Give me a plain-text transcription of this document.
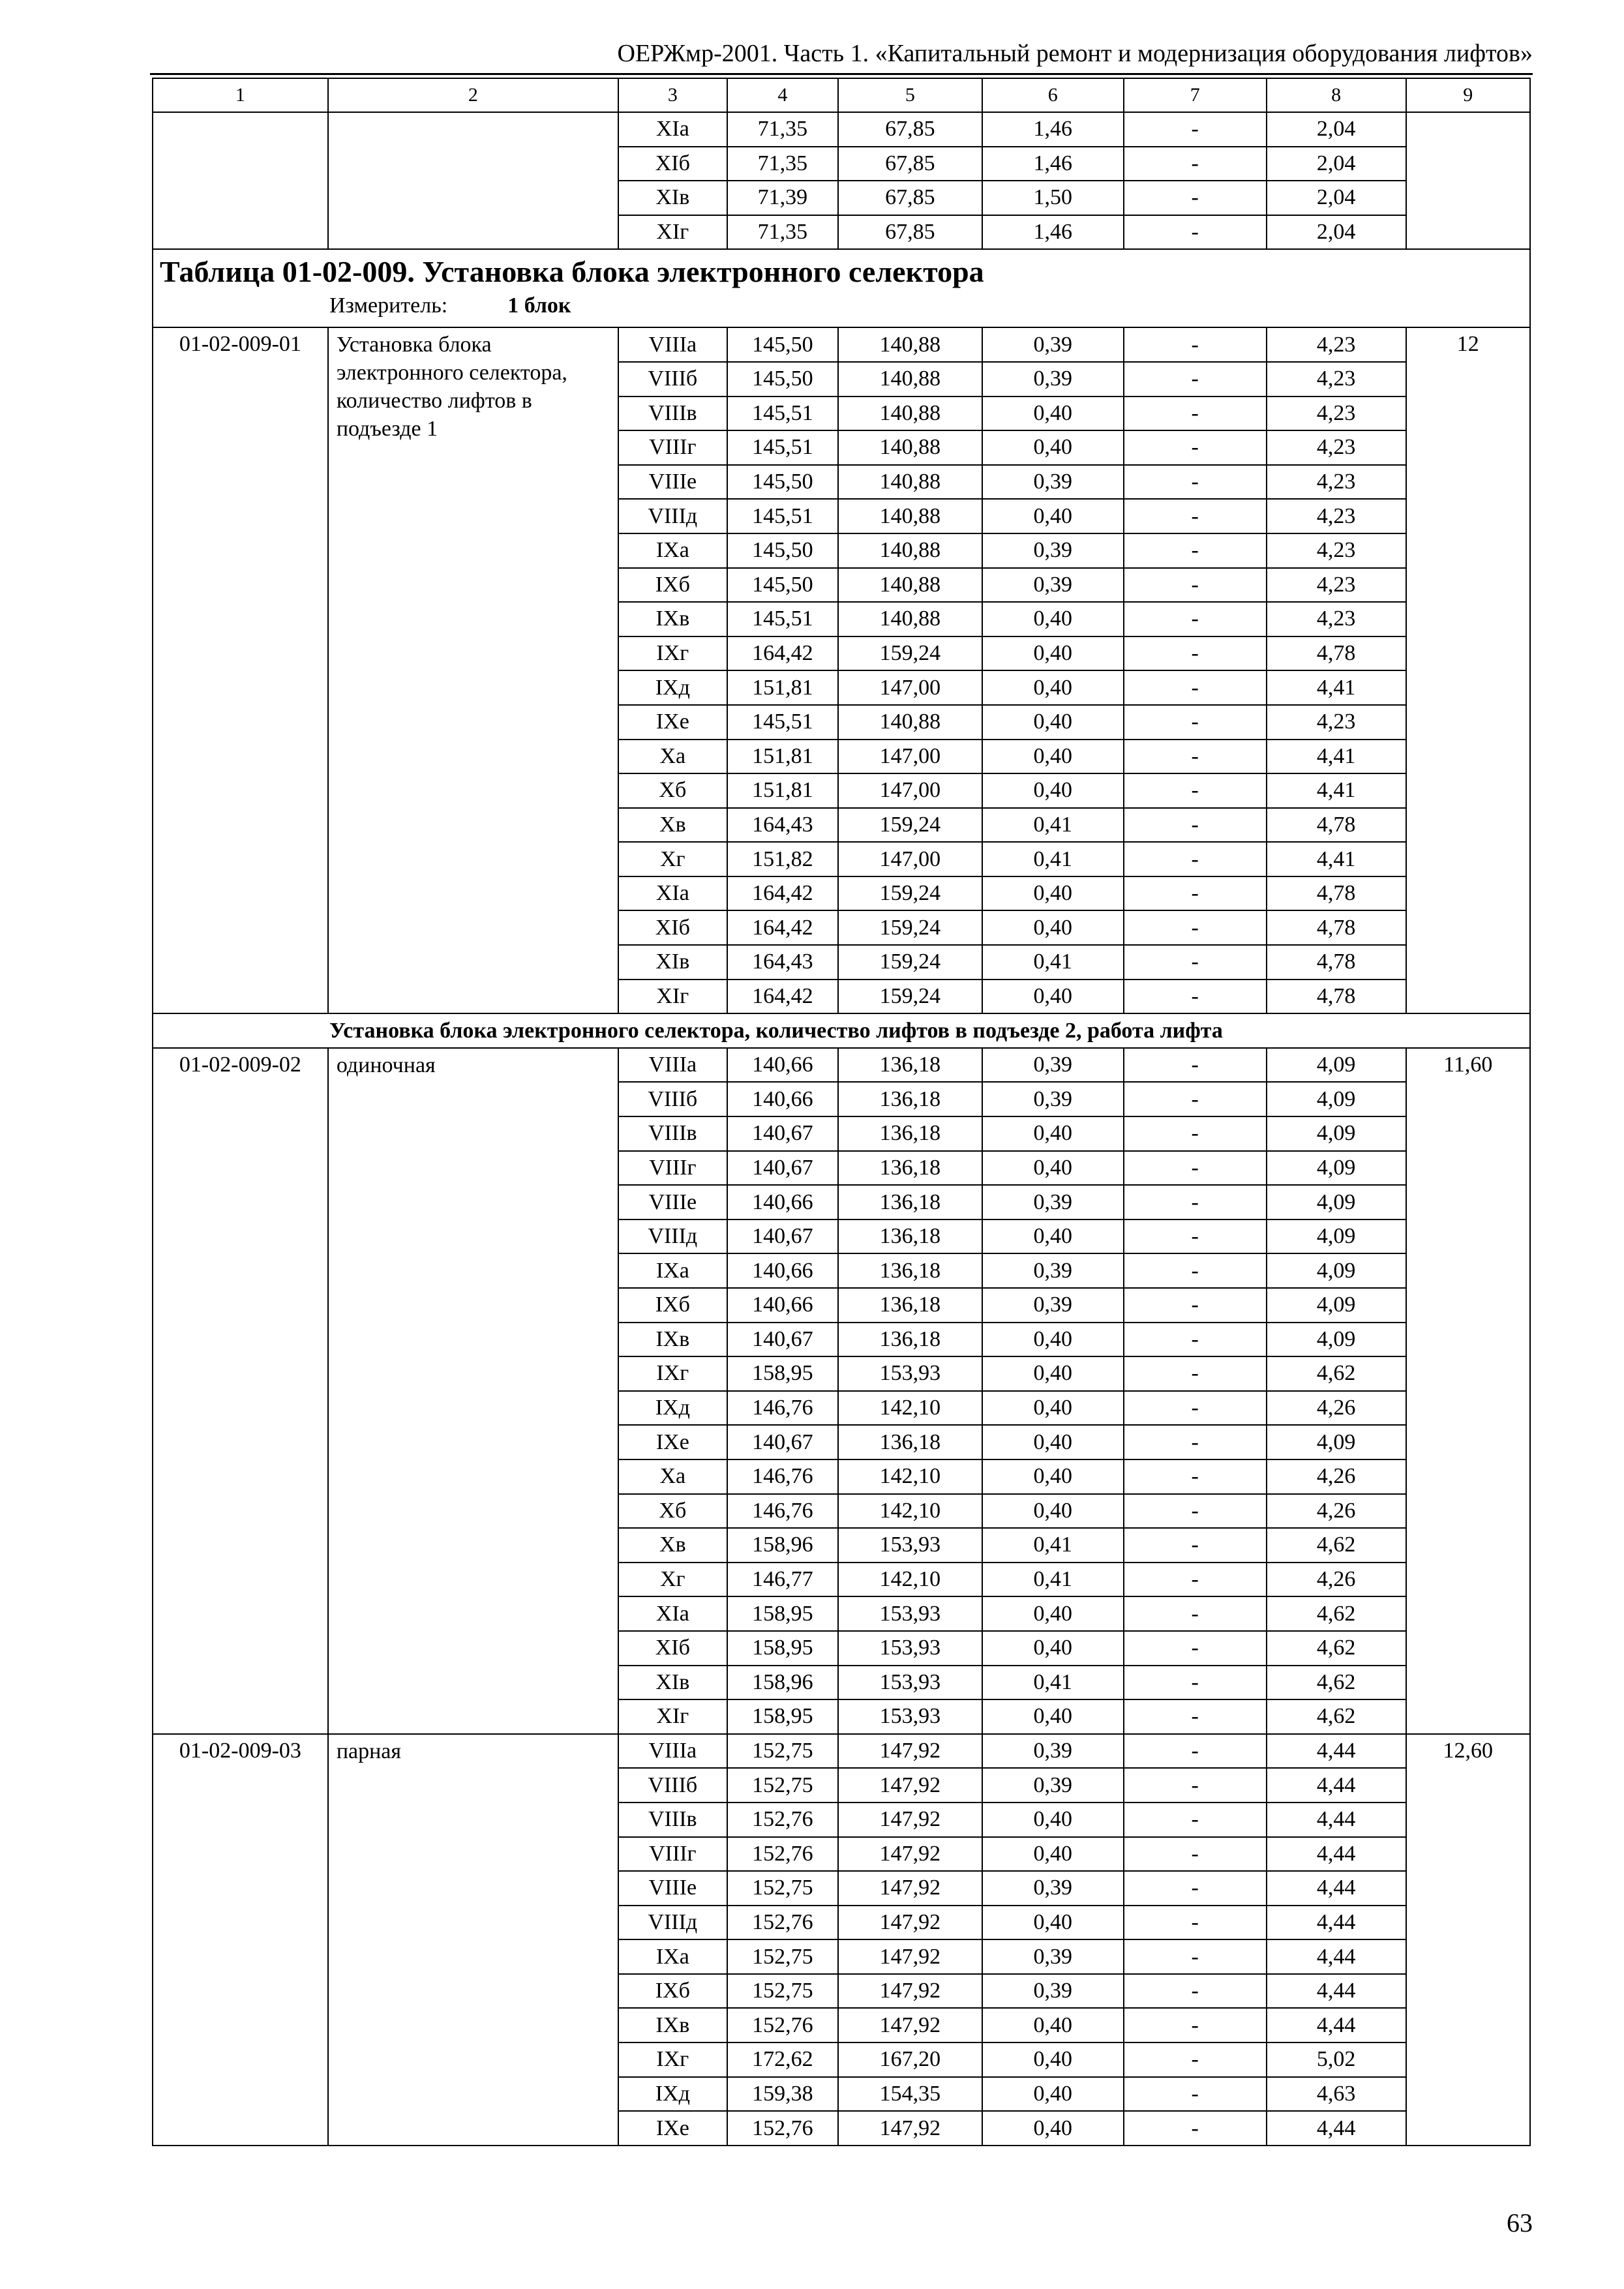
ОЕРЖмр-2001. Часть 1. «Капитальный ремонт и модернизация оборудования лифтов»
1	2	3	4	5	6	7	8	9
		XIа	71,35	67,85	1,46	-	2,04	
		XIб	71,35	67,85	1,46	-	2,04	
		XIв	71,39	67,85	1,50	-	2,04	
		XIг	71,35	67,85	1,46	-	2,04	

Таблица 01-02-009. Установка блока электронного селектора
Измеритель: 1 блок								

01-02-009-01	Установка блока электронного селектора, количество лифтов в подъезде 1	VIIIа	145,50	140,88	0,39	-	4,23	12
		VIIIб	145,50	140,88	0,39	-	4,23	
		VIIIв	145,51	140,88	0,40	-	4,23	
		VIIIг	145,51	140,88	0,40	-	4,23	
		VIIIе	145,50	140,88	0,39	-	4,23	
		VIIIд	145,51	140,88	0,40	-	4,23	
		IXа	145,50	140,88	0,39	-	4,23	
		IXб	145,50	140,88	0,39	-	4,23	
		IXв	145,51	140,88	0,40	-	4,23	
		IXг	164,42	159,24	0,40	-	4,78	
		IXд	151,81	147,00	0,40	-	4,41	
		IXе	145,51	140,88	0,40	-	4,23	
		Xа	151,81	147,00	0,40	-	4,41	
		Xб	151,81	147,00	0,40	-	4,41	
		Xв	164,43	159,24	0,41	-	4,78	
		Xг	151,82	147,00	0,41	-	4,41	
		XIа	164,42	159,24	0,40	-	4,78	
		XIб	164,42	159,24	0,40	-	4,78	
		XIв	164,43	159,24	0,41	-	4,78	
		XIг	164,42	159,24	0,40	-	4,78	
Установка блока электронного селектора, количество лифтов в подъезде 2, работа лифта								
01-02-009-02	одиночная	VIIIа	140,66	136,18	0,39	-	4,09	11,60
		VIIIб	140,66	136,18	0,39	-	4,09	
		VIIIв	140,67	136,18	0,40	-	4,09	
		VIIIг	140,67	136,18	0,40	-	4,09	
		VIIIе	140,66	136,18	0,39	-	4,09	
		VIIIд	140,67	136,18	0,40	-	4,09	
		IXа	140,66	136,18	0,39	-	4,09	
		IXб	140,66	136,18	0,39	-	4,09	
		IXв	140,67	136,18	0,40	-	4,09	
		IXг	158,95	153,93	0,40	-	4,62	
		IXд	146,76	142,10	0,40	-	4,26	
		IXе	140,67	136,18	0,40	-	4,09	
		Xа	146,76	142,10	0,40	-	4,26	
		Xб	146,76	142,10	0,40	-	4,26	
		Xв	158,96	153,93	0,41	-	4,62	
		Xг	146,77	142,10	0,41	-	4,26	
		XIа	158,95	153,93	0,40	-	4,62	
		XIб	158,95	153,93	0,40	-	4,62	
		XIв	158,96	153,93	0,41	-	4,62	
		XIг	158,95	153,93	0,40	-	4,62	
01-02-009-03	парная	VIIIа	152,75	147,92	0,39	-	4,44	12,60
		VIIIб	152,75	147,92	0,39	-	4,44	
		VIIIв	152,76	147,92	0,40	-	4,44	
		VIIIг	152,76	147,92	0,40	-	4,44	
		VIIIе	152,75	147,92	0,39	-	4,44	
		VIIIд	152,76	147,92	0,40	-	4,44	
		IXа	152,75	147,92	0,39	-	4,44	
		IXб	152,75	147,92	0,39	-	4,44	
		IXв	152,76	147,92	0,40	-	4,44	
		IXг	172,62	167,20	0,40	-	5,02	
		IXд	159,38	154,35	0,40	-	4,63	
		IXе	152,76	147,92	0,40	-	4,44	
63
